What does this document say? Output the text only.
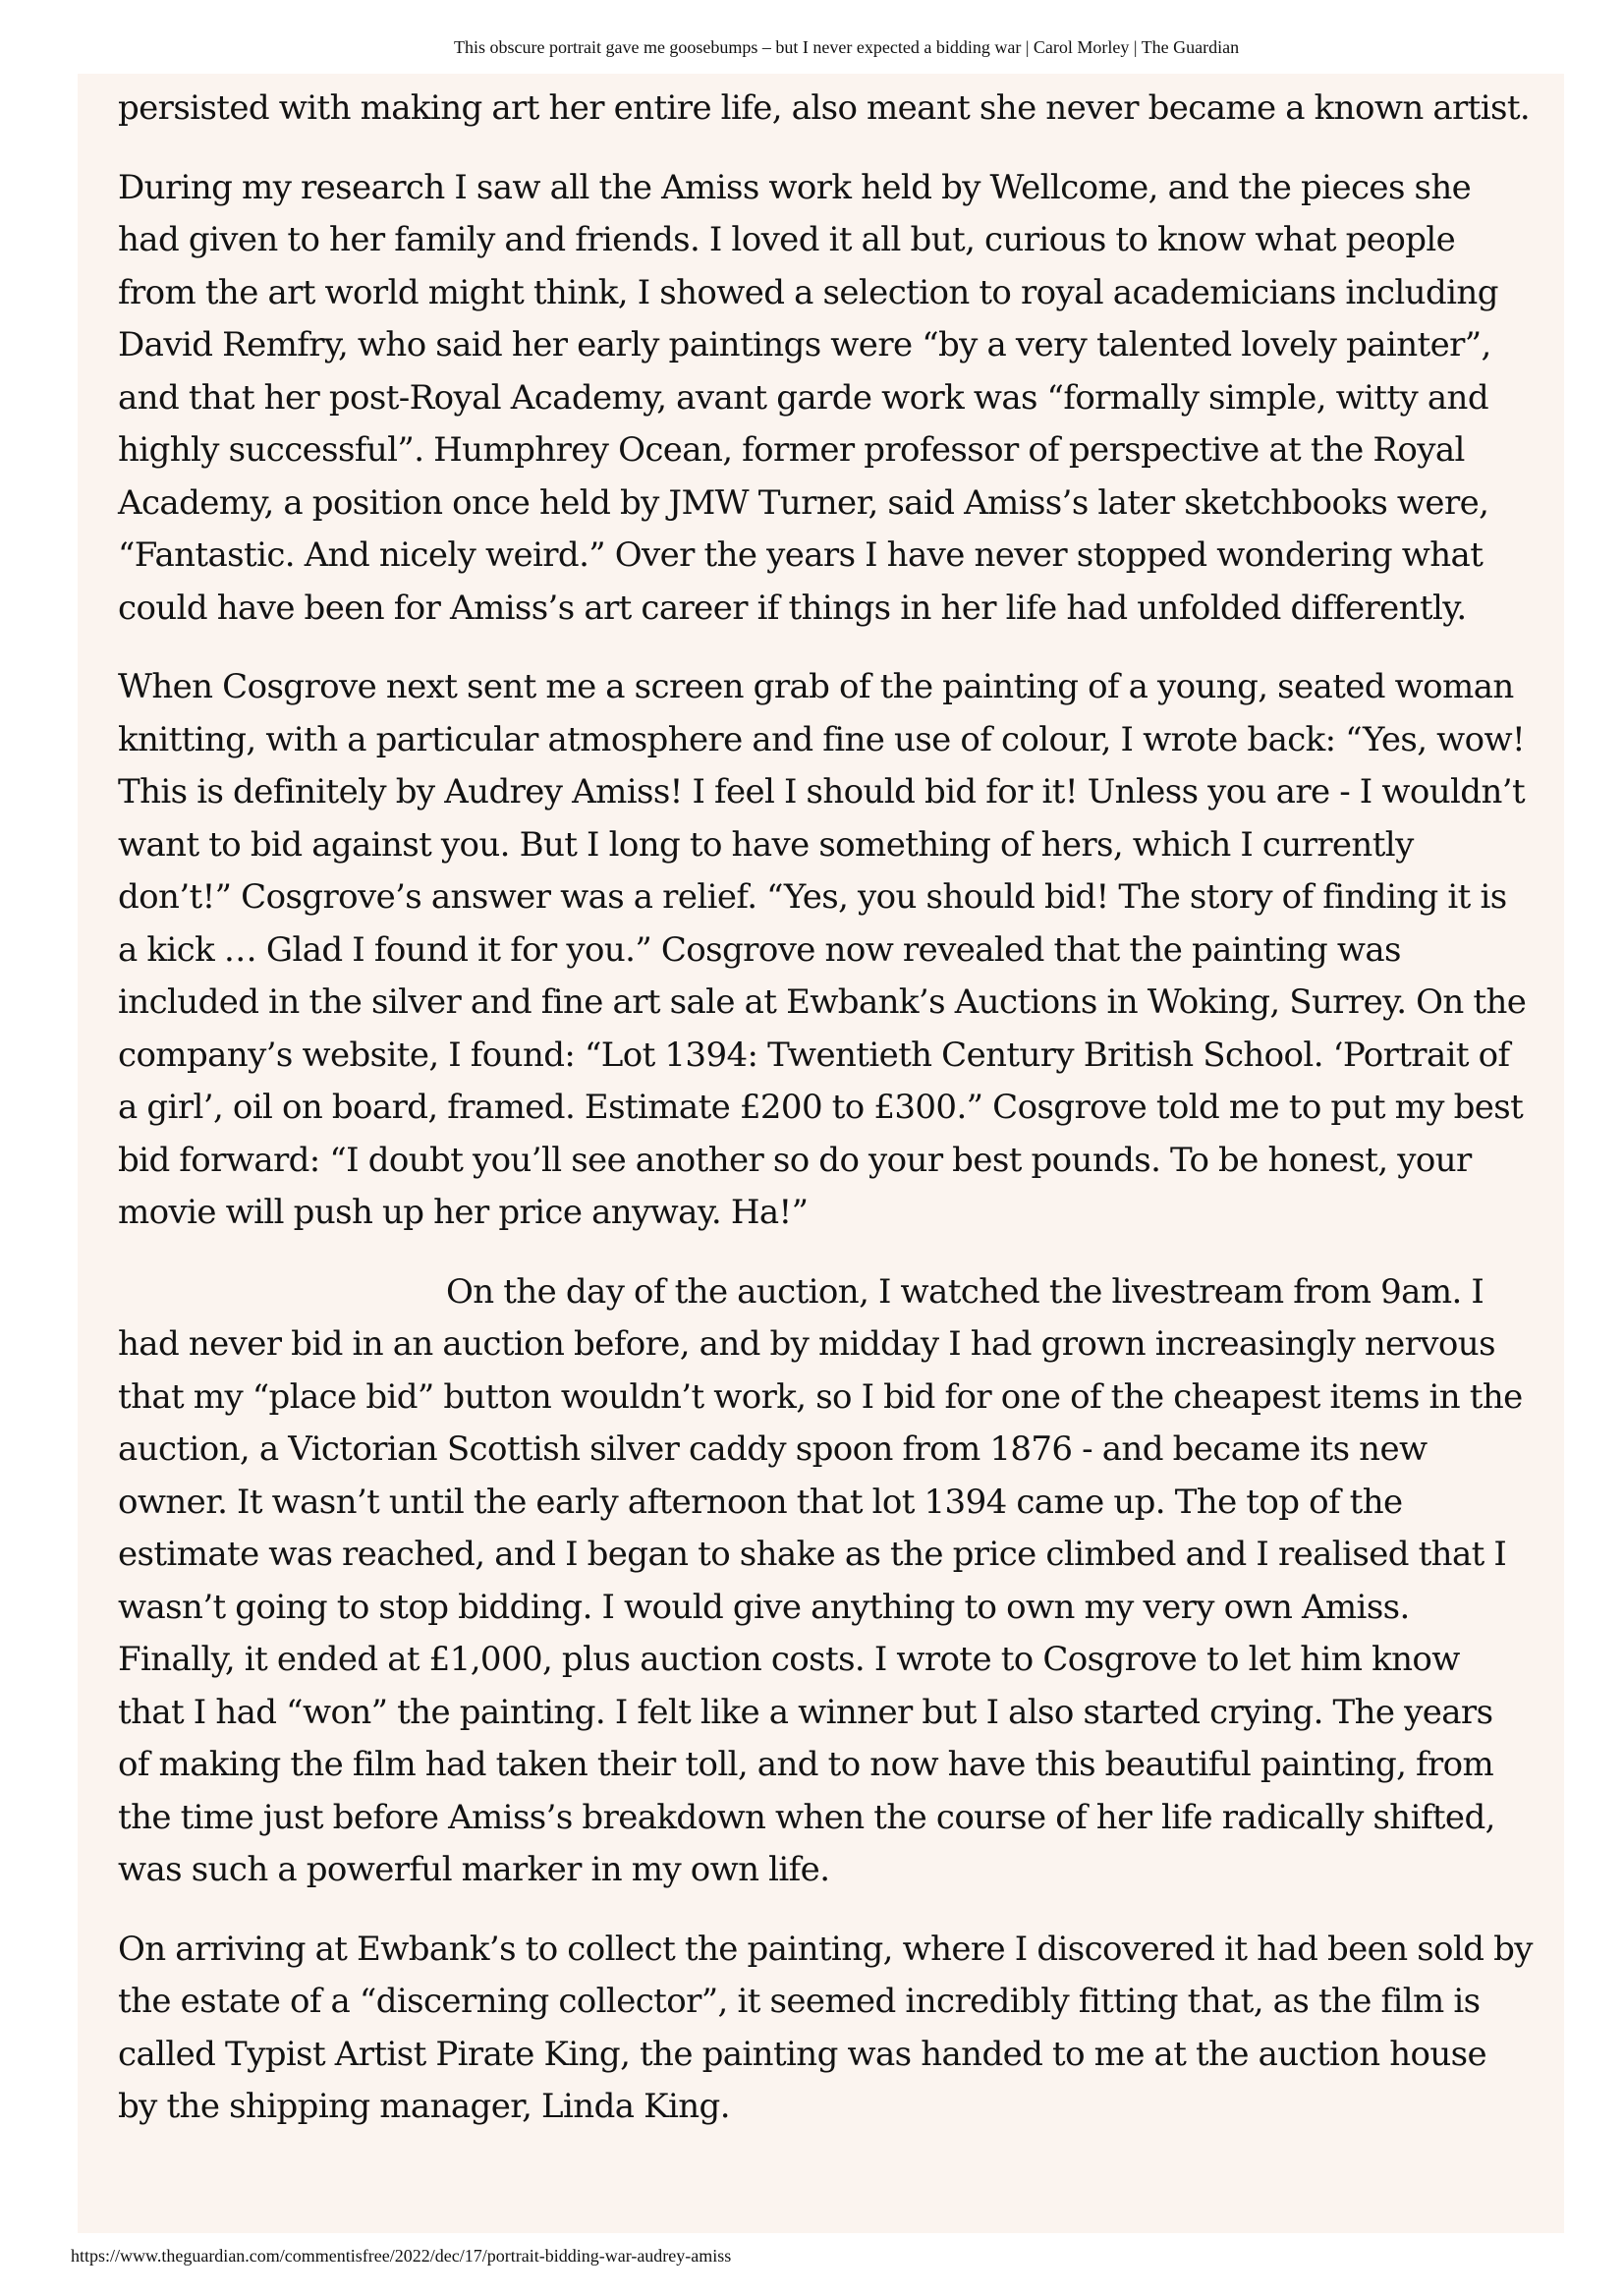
This obscure portrait gave me goosebumps – but I never expected a bidding war | Carol Morley | The Guardian

persisted with making art her entire life, also meant she never became a known artist.

During my research I saw all the Amiss work held by Wellcome, and the pieces she had given to her family and friends. I loved it all but, curious to know what people from the art world might think, I showed a selection to royal academicians including David Remfry, who said her early paintings were “by a very talented lovely painter”, and that her post-Royal Academy, avant garde work was “formally simple, witty and highly successful”. Humphrey Ocean, former professor of perspective at the Royal Academy, a position once held by JMW Turner, said Amiss’s later sketchbooks were, “Fantastic. And nicely weird.” Over the years I have never stopped wondering what could have been for Amiss’s art career if things in her life had unfolded differently.

When Cosgrove next sent me a screen grab of the painting of a young, seated woman knitting, with a particular atmosphere and fine use of colour, I wrote back: “Yes, wow! This is definitely by Audrey Amiss! I feel I should bid for it! Unless you are - I wouldn’t want to bid against you. But I long to have something of hers, which I currently don’t!” Cosgrove’s answer was a relief. “Yes, you should bid! The story of finding it is a kick … Glad I found it for you.” Cosgrove now revealed that the painting was included in the silver and fine art sale at Ewbank’s Auctions in Woking, Surrey. On the company’s website, I found: “Lot 1394: Twentieth Century British School. ‘Portrait of a girl’, oil on board, framed. Estimate £200 to £300.” Cosgrove told me to put my best bid forward: “I doubt you’ll see another so do your best pounds. To be honest, your movie will push up her price anyway. Ha!”

On the day of the auction, I watched the livestream from 9am. I had never bid in an auction before, and by midday I had grown increasingly nervous that my “place bid” button wouldn’t work, so I bid for one of the cheapest items in the auction, a Victorian Scottish silver caddy spoon from 1876 - and became its new owner. It wasn’t until the early afternoon that lot 1394 came up. The top of the estimate was reached, and I began to shake as the price climbed and I realised that I wasn’t going to stop bidding. I would give anything to own my very own Amiss. Finally, it ended at £1,000, plus auction costs. I wrote to Cosgrove to let him know that I had “won” the painting. I felt like a winner but I also started crying. The years of making the film had taken their toll, and to now have this beautiful painting, from the time just before Amiss’s breakdown when the course of her life radically shifted, was such a powerful marker in my own life.

On arriving at Ewbank’s to collect the painting, where I discovered it had been sold by the estate of a “discerning collector”, it seemed incredibly fitting that, as the film is called Typist Artist Pirate King, the painting was handed to me at the auction house by the shipping manager, Linda King.

https://www.theguardian.com/commentisfree/2022/dec/17/portrait-bidding-war-audrey-amiss
